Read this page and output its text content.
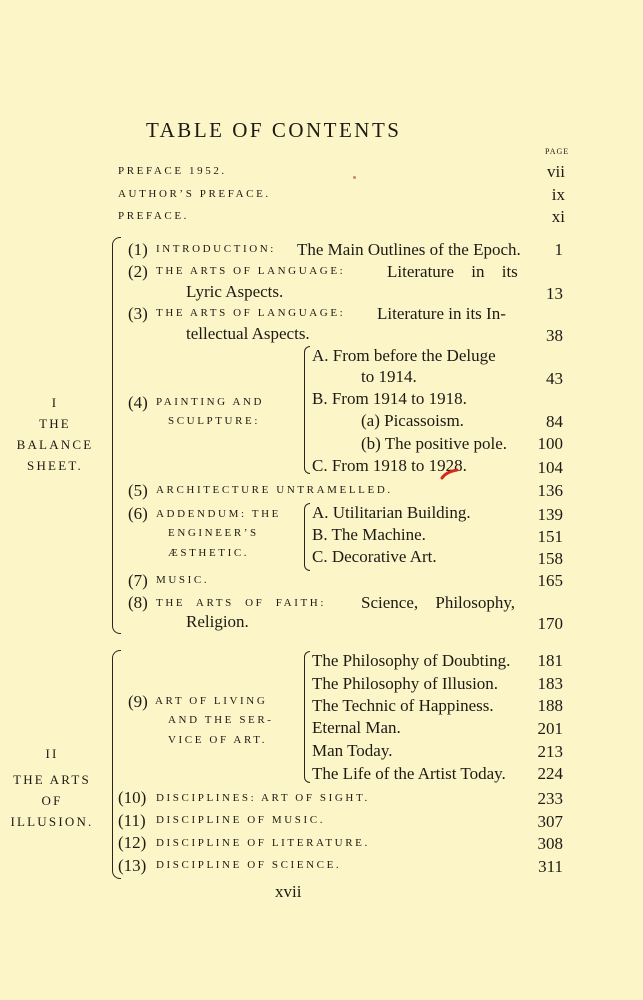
TABLE OF CONTENTS
PAGE
PREFACE 1952.	vii
AUTHOR’S PREFACE.	ix
PREFACE.	xi
I
THE
BALANCE
SHEET.
(1) INTRODUCTION: The Main Outlines of the Epoch.	1
(2) THE ARTS OF LANGUAGE: Literature in its
Lyric Aspects.	13
(3) THE ARTS OF LANGUAGE: Literature in its In-
tellectual Aspects.	38
(4) PAINTING AND
SCULPTURE:
A. From before the Deluge
to 1914.	43
B. From 1914 to 1918.
(a) Picassoism.	84
(b) The positive pole.	100
C. From 1918 to 1928.	104
(5) ARCHITECTURE UNTRAMELLED.	136
(6) ADDENDUM: THE
ENGINEER’S
ÆSTHETIC.
A. Utilitarian Building.	139
B. The Machine.	151
C. Decorative Art.	158
(7) MUSIC.	165
(8) THE ARTS OF FAITH: Science, Philosophy,
Religion.	170
II
THE ARTS
OF
ILLUSION.
(9) ART OF LIVING
AND THE SER-
VICE OF ART.
The Philosophy of Doubting.	181
The Philosophy of Illusion.	183
The Technic of Happiness.	188
Eternal Man.	201
Man Today.	213
The Life of the Artist Today.	224
(10) DISCIPLINES: ART OF SIGHT.	233
(11) DISCIPLINE OF MUSIC.	307
(12) DISCIPLINE OF LITERATURE.	308
(13) DISCIPLINE OF SCIENCE.	311
xvii
